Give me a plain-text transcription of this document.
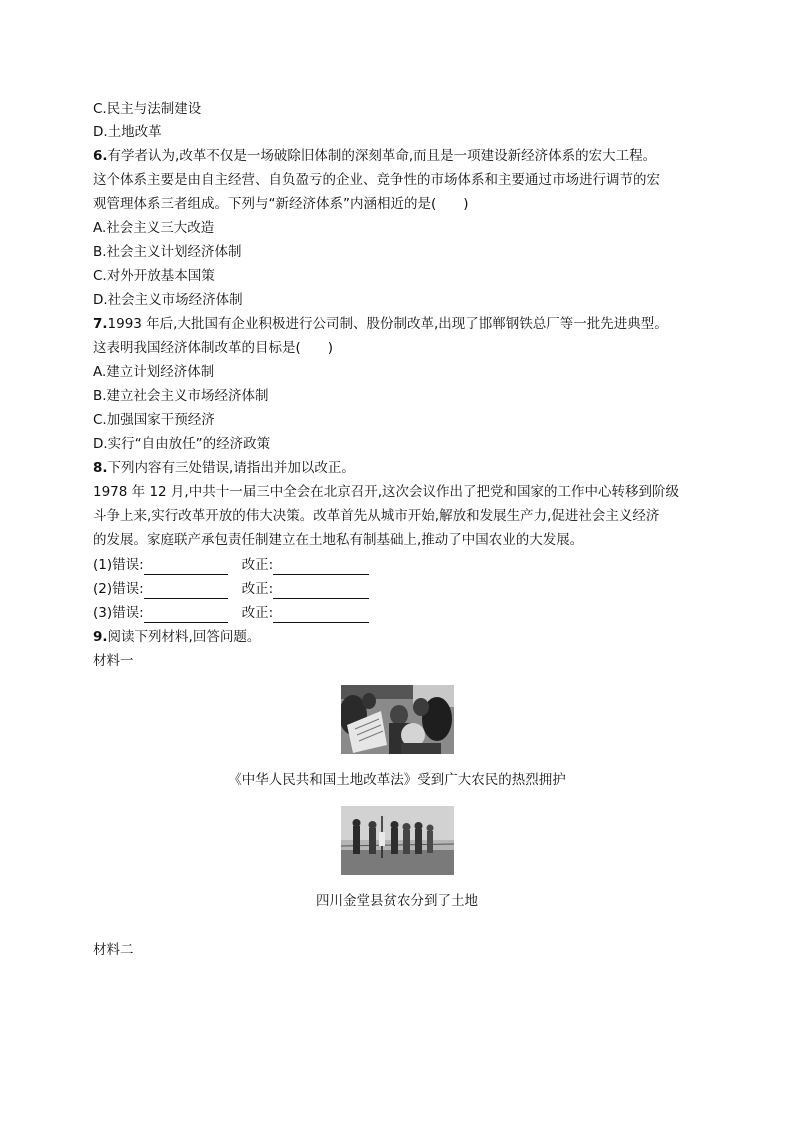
C.民主与法制建设
D.土地改革
6.有学者认为,改革不仅是一场破除旧体制的深刻革命,而且是一项建设新经济体系的宏大工程。
这个体系主要是由自主经营、自负盈亏的企业、竞争性的市场体系和主要通过市场进行调节的宏
观管理体系三者组成。下列与“新经济体系”内涵相近的是(　　)
A.社会主义三大改造
B.社会主义计划经济体制
C.对外开放基本国策
D.社会主义市场经济体制
7.1993 年后,大批国有企业积极进行公司制、股份制改革,出现了邯郸钢铁总厂等一批先进典型。
这表明我国经济体制改革的目标是(　　)
A.建立计划经济体制
B.建立社会主义市场经济体制
C.加强国家干预经济
D.实行“自由放任”的经济政策
8.下列内容有三处错误,请指出并加以改正。
1978 年 12 月,中共十一届三中全会在北京召开,这次会议作出了把党和国家的工作中心转移到阶级
斗争上来,实行改革开放的伟大决策。改革首先从城市开始,解放和发展生产力,促进社会主义经济
的发展。家庭联产承包责任制建立在土地私有制基础上,推动了中国农业的大发展。
(1)错误:	改正:
(2)错误:	改正:
(3)错误:	改正:
9.阅读下列材料,回答问题。
材料一
《中华人民共和国土地改革法》受到广大农民的热烈拥护
四川金堂县贫农分到了土地
材料二
